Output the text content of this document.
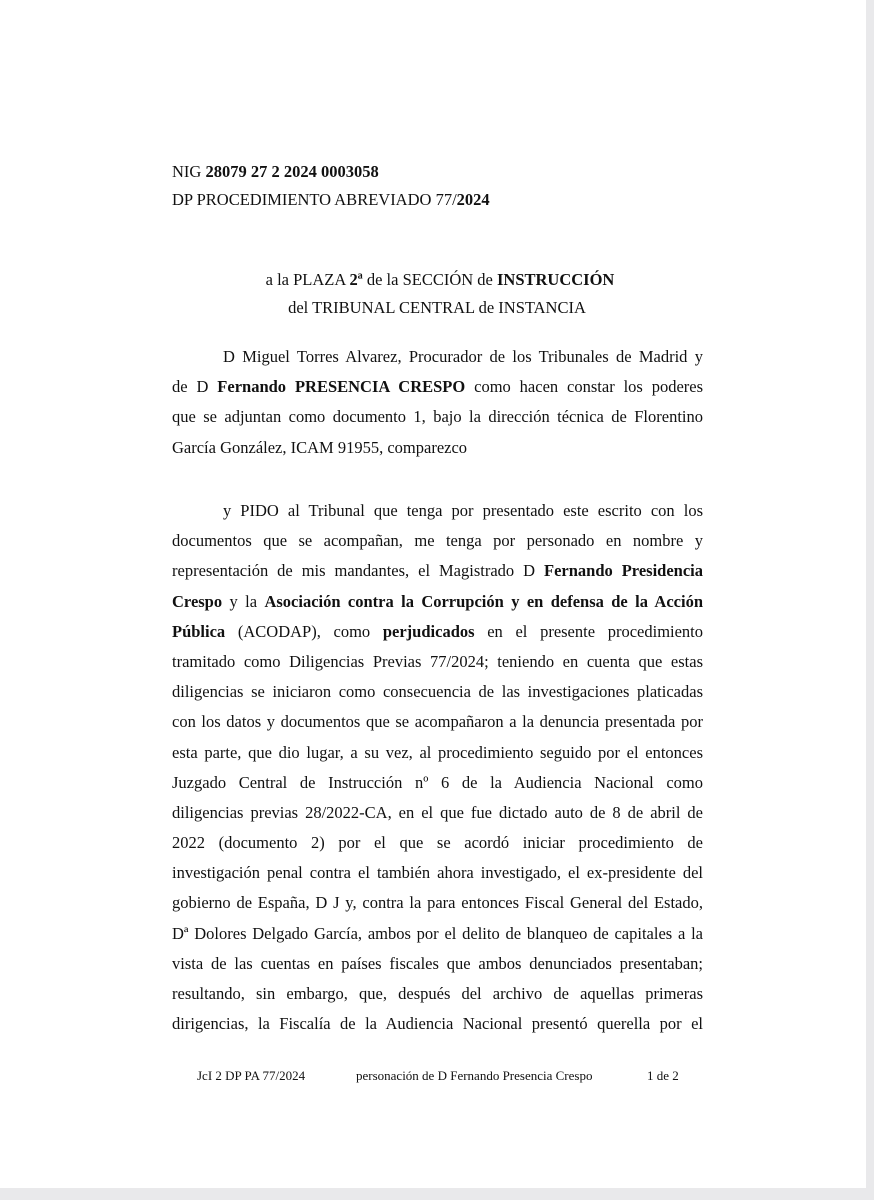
NIG 28079 27 2 2024 0003058
DP PROCEDIMIENTO ABREVIADO 77/2024
a la PLAZA 2ª de la SECCIÓN de INSTRUCCIÓN
del TRIBUNAL CENTRAL de INSTANCIA
D Miguel Torres Alvarez, Procurador de los Tribunales de Madrid y
de D Fernando PRESENCIA CRESPO como hacen constar los poderes
que se adjuntan como documento 1, bajo la dirección técnica de Florentino
García González, ICAM 91955, comparezco
y PIDO al Tribunal que tenga por presentado este escrito con los
documentos que se acompañan, me tenga por personado en nombre y
representación de mis mandantes, el Magistrado D Fernando Presidencia
Crespo y la Asociación contra la Corrupción y en defensa de la Acción
Pública (ACODAP), como perjudicados en el presente procedimiento
tramitado como Diligencias Previas 77/2024; teniendo en cuenta que estas
diligencias se iniciaron como consecuencia de las investigaciones platicadas
con los datos y documentos que se acompañaron a la denuncia presentada por
esta parte, que dio lugar, a su vez, al procedimiento seguido por el entonces
Juzgado Central de Instrucción nº 6 de la Audiencia Nacional como
diligencias previas 28/2022-CA, en el que fue dictado auto de 8 de abril de
2022 (documento 2) por el que se acordó iniciar procedimiento de
investigación penal contra el también ahora investigado, el ex-presidente del
gobierno de España, D J y, contra la para entonces Fiscal General del Estado,
Dª Dolores Delgado García, ambos por el delito de blanqueo de capitales a la
vista de las cuentas en países fiscales que ambos denunciados presentaban;
resultando, sin embargo, que, después del archivo de aquellas primeras
dirigencias, la Fiscalía de la Audiencia Nacional presentó querella por el
JcI 2 DP PA 77/2024	personación de D Fernando Presencia Crespo	1 de 2
